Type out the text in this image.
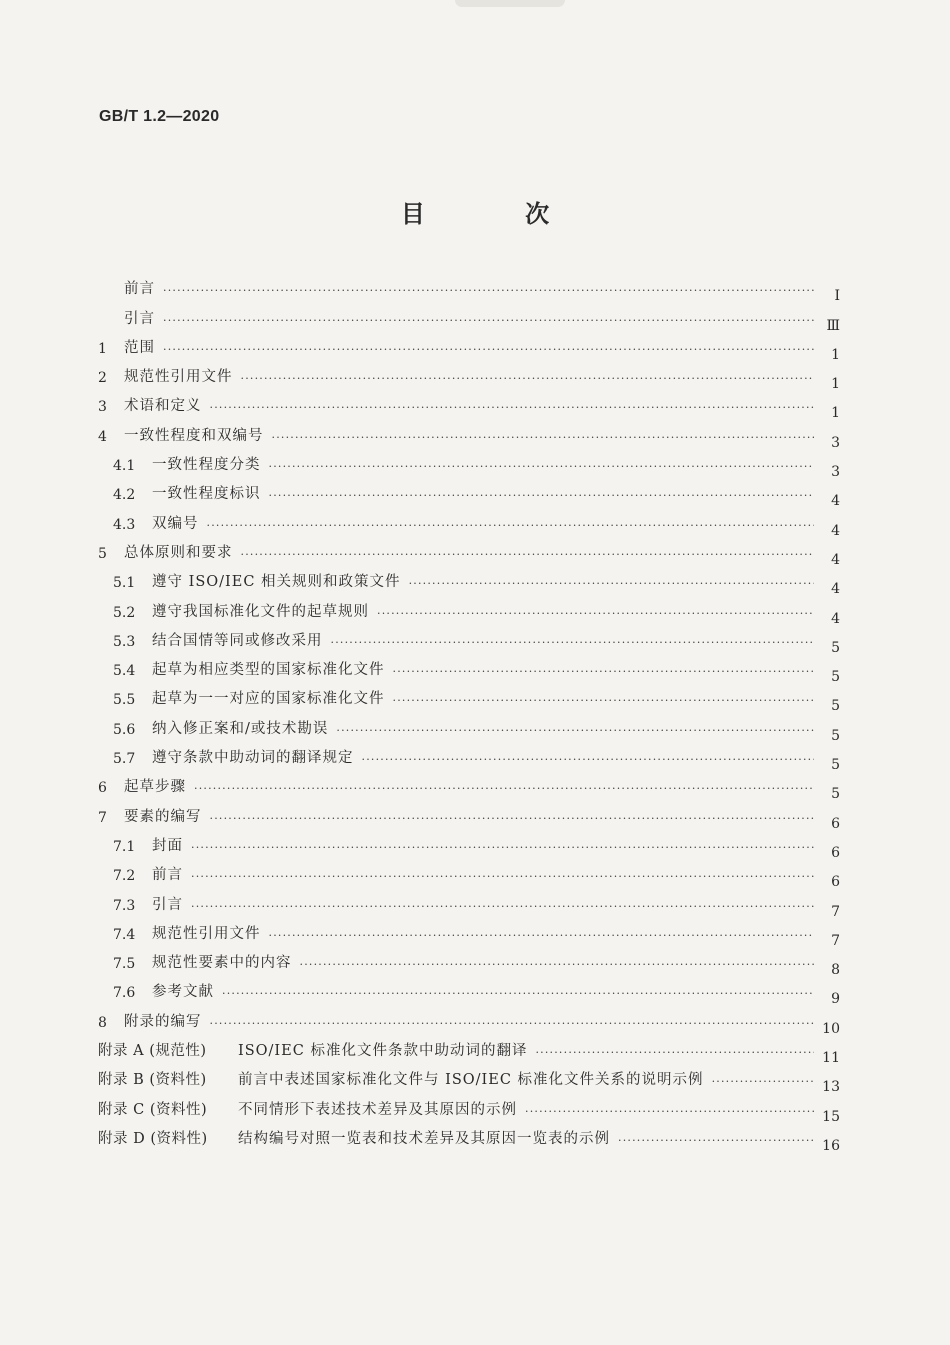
GB/T 1.2—2020
目 次
前言 ·····	Ⅰ
引言 ·····	Ⅲ
1	范围 ·····	1
2	规范性引用文件 ·····	1
3	术语和定义 ·····	1
4	一致性程度和双编号 ·····	3
4.1	一致性程度分类 ·····	3
4.2	一致性程度标识 ·····	4
4.3	双编号 ·····	4
5	总体原则和要求 ·····	4
5.1	遵守 ISO/IEC 相关规则和政策文件 ·····	4
5.2	遵守我国标准化文件的起草规则 ·····	4
5.3	结合国情等同或修改采用 ·····	5
5.4	起草为相应类型的国家标准化文件 ·····	5
5.5	起草为一一对应的国家标准化文件 ·····	5
5.6	纳入修正案和/或技术勘误 ·····	5
5.7	遵守条款中助动词的翻译规定 ·····	5
6	起草步骤 ·····	5
7	要素的编写 ·····	6
7.1	封面 ·····	6
7.2	前言 ·····	6
7.3	引言 ·····	7
7.4	规范性引用文件 ·····	7
7.5	规范性要素中的内容 ·····	8
7.6	参考文献 ·····	9
8	附录的编写 ·····	10
附录 A (规范性)	ISO/IEC 标准化文件条款中助动词的翻译 ·····	11
附录 B (资料性)	前言中表述国家标准化文件与 ISO/IEC 标准化文件关系的说明示例 ·····	13
附录 C (资料性)	不同情形下表述技术差异及其原因的示例 ·····	15
附录 D (资料性)	结构编号对照一览表和技术差异及其原因一览表的示例 ·····	16
